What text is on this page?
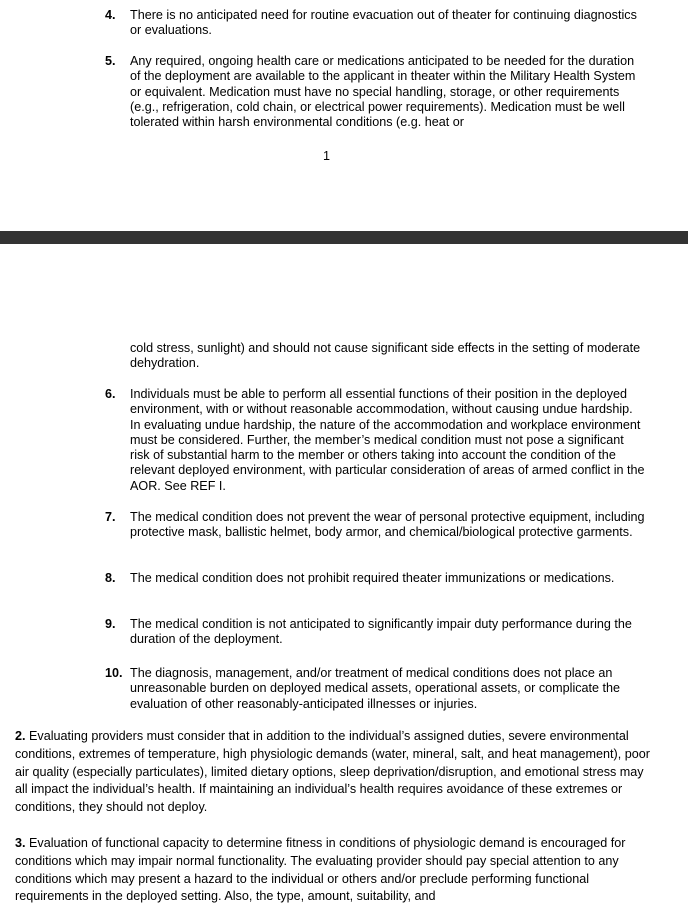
4. There is no anticipated need for routine evacuation out of theater for continuing diagnostics or evaluations.
5. Any required, ongoing health care or medications anticipated to be needed for the duration of the deployment are available to the applicant in theater within the Military Health System or equivalent. Medication must have no special handling, storage, or other requirements (e.g., refrigeration, cold chain, or electrical power requirements). Medication must be well tolerated within harsh environmental conditions (e.g. heat or
1
cold stress, sunlight) and should not cause significant side effects in the setting of moderate dehydration.
6. Individuals must be able to perform all essential functions of their position in the deployed environment, with or without reasonable accommodation, without causing undue hardship. In evaluating undue hardship, the nature of the accommodation and workplace environment must be considered. Further, the member’s medical condition must not pose a significant risk of substantial harm to the member or others taking into account the condition of the relevant deployed environment, with particular consideration of areas of armed conflict in the AOR. See REF I.
7. The medical condition does not prevent the wear of personal protective equipment, including protective mask, ballistic helmet, body armor, and chemical/biological protective garments.
8. The medical condition does not prohibit required theater immunizations or medications.
9. The medical condition is not anticipated to significantly impair duty performance during the duration of the deployment.
10. The diagnosis, management, and/or treatment of medical conditions does not place an unreasonable burden on deployed medical assets, operational assets, or complicate the evaluation of other reasonably-anticipated illnesses or injuries.
2. Evaluating providers must consider that in addition to the individual’s assigned duties, severe environmental conditions, extremes of temperature, high physiologic demands (water, mineral, salt, and heat management), poor air quality (especially particulates), limited dietary options, sleep deprivation/disruption, and emotional stress may all impact the individual’s health. If maintaining an individual’s health requires avoidance of these extremes or conditions, they should not deploy.
3. Evaluation of functional capacity to determine fitness in conditions of physiologic demand is encouraged for conditions which may impair normal functionality. The evaluating provider should pay special attention to any conditions which may present a hazard to the individual or others and/or preclude performing functional requirements in the deployed setting. Also, the type, amount, suitability, and
